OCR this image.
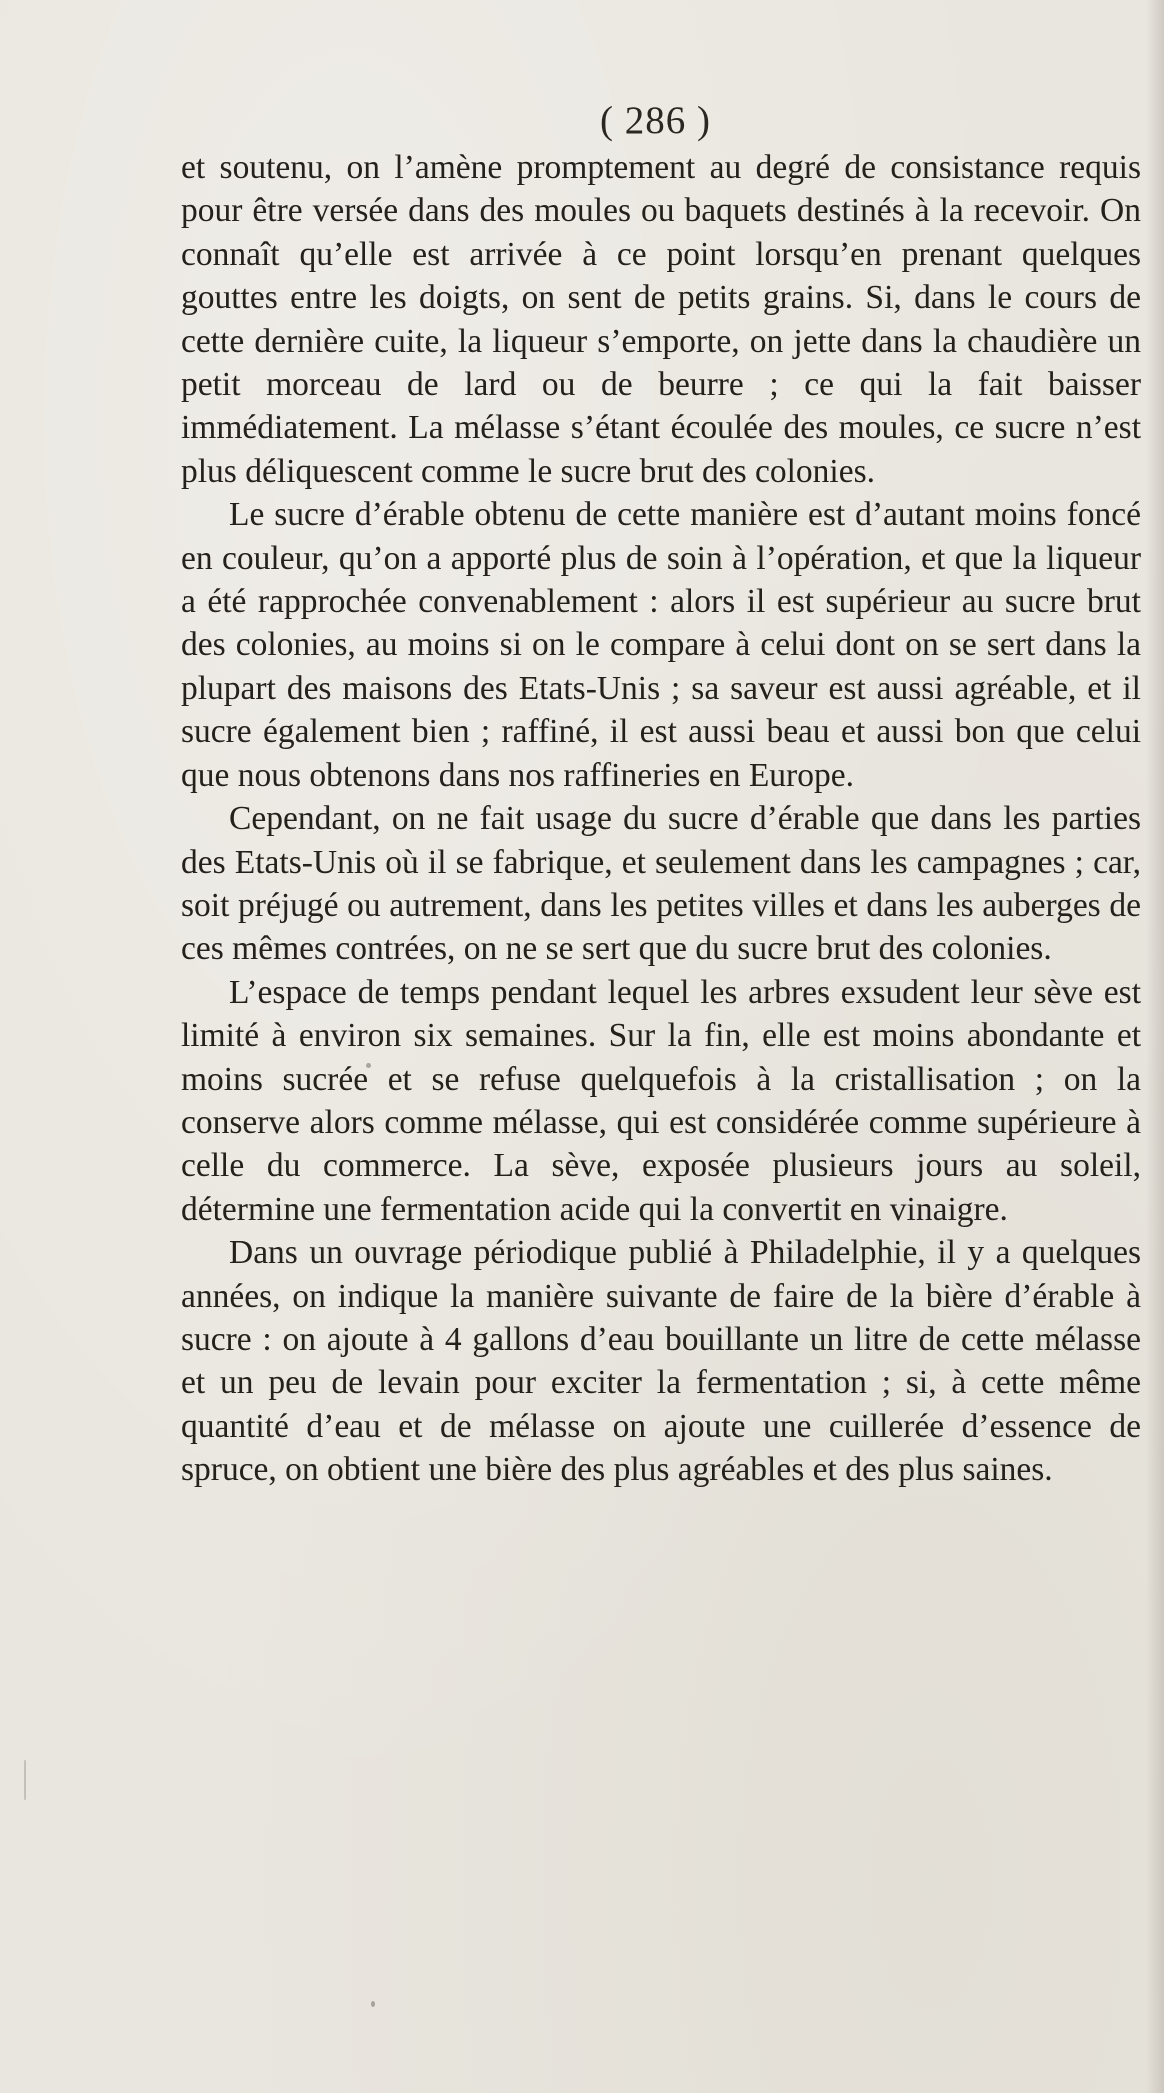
( 286 )

et soutenu, on l’amène promptement au degré de consistance requis pour être versée dans des moules ou baquets destinés à la recevoir. On connaît qu’elle est arrivée à ce point lorsqu’en prenant quelques gouttes entre les doigts, on sent de petits grains. Si, dans le cours de cette dernière cuite, la liqueur s’emporte, on jette dans la chaudière un petit morceau de lard ou de beurre ; ce qui la fait baisser immédiatement. La mélasse s’étant écoulée des moules, ce sucre n’est plus déliquescent comme le sucre brut des colonies.

Le sucre d’érable obtenu de cette manière est d’autant moins foncé en couleur, qu’on a apporté plus de soin à l’opération, et que la liqueur a été rapprochée convenablement : alors il est supérieur au sucre brut des colonies, au moins si on le compare à celui dont on se sert dans la plupart des maisons des Etats-Unis ; sa saveur est aussi agréable, et il sucre également bien ; raffiné, il est aussi beau et aussi bon que celui que nous obtenons dans nos raffineries en Europe.

Cependant, on ne fait usage du sucre d’érable que dans les parties des Etats-Unis où il se fabrique, et seulement dans les campagnes ; car, soit préjugé ou autrement, dans les petites villes et dans les auberges de ces mêmes contrées, on ne se sert que du sucre brut des colonies.

L’espace de temps pendant lequel les arbres exsudent leur sève est limité à environ six semaines. Sur la fin, elle est moins abondante et moins sucrée et se refuse quelquefois à la cristallisation ; on la conserve alors comme mélasse, qui est considérée comme supérieure à celle du commerce. La sève, exposée plusieurs jours au soleil, détermine une fermentation acide qui la convertit en vinaigre.

Dans un ouvrage périodique publié à Philadelphie, il y a quelques années, on indique la manière suivante de faire de la bière d’érable à sucre : on ajoute à 4 gallons d’eau bouillante un litre de cette mélasse et un peu de levain pour exciter la fermentation ; si, à cette même quantité d’eau et de mélasse on ajoute une cuillerée d’essence de spruce, on obtient une bière des plus agréables et des plus saines.
